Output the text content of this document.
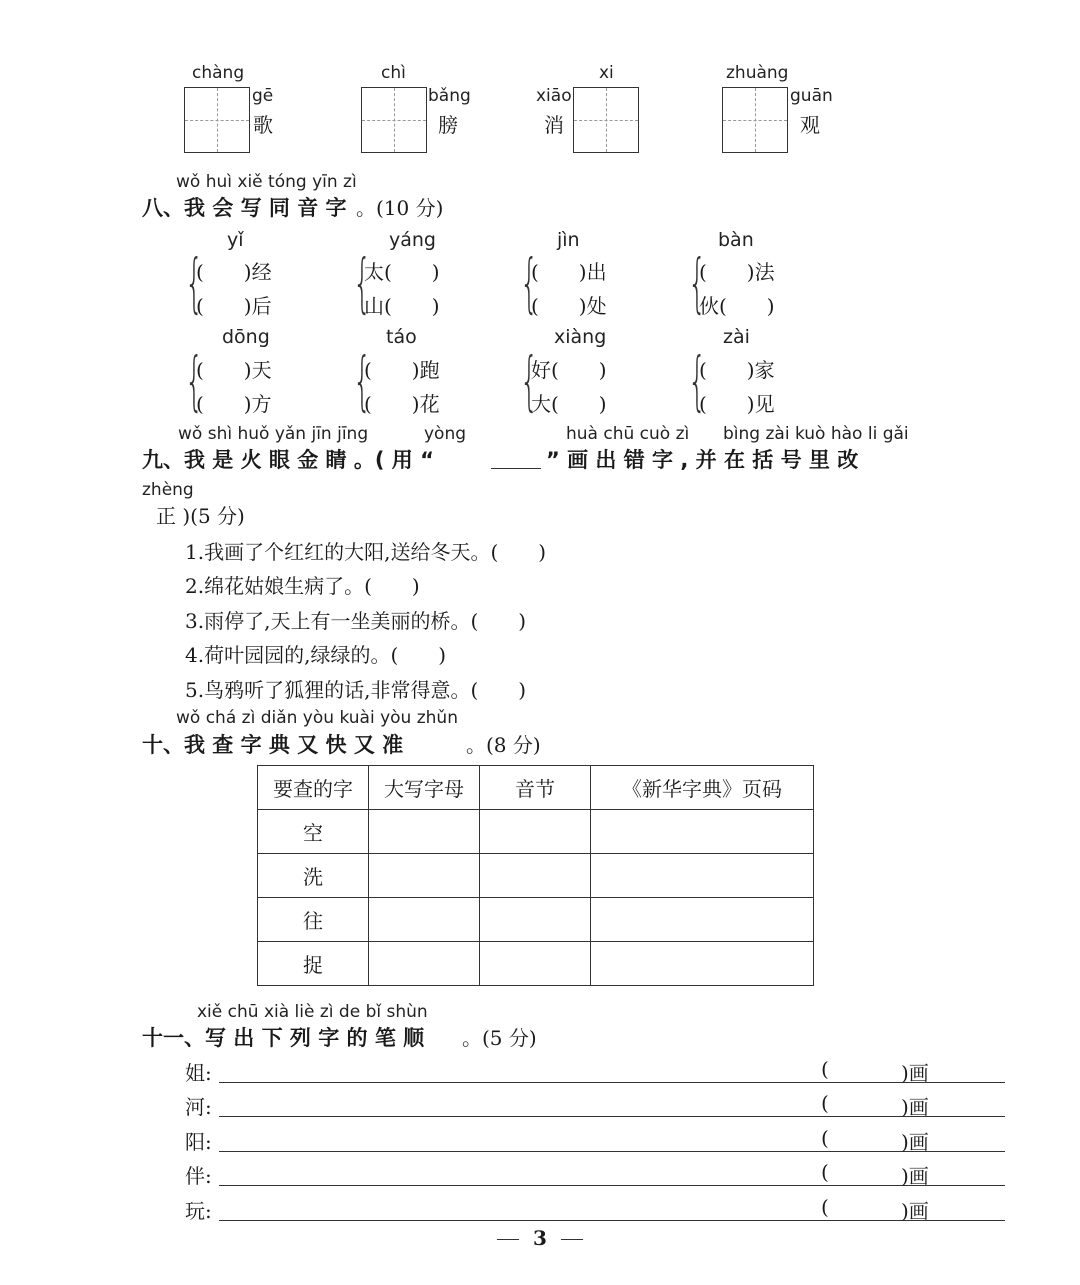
chàng
gē
歌
chì
bǎng
膀
xi
xiāo
消
zhuàng
guān
观
wǒ huì xiě tóng yīn zì
八、我 会 写 同 音 字 。(10 分)
yǐ
{
(　　)经
(　　)后
yáng
{
太(　　)
山(　　)
jìn
{
(　　)出
(　　)处
bàn
{
(　　)法
伙(　　)
dōng
{
(　　)天
(　　)方
táo
{
(　　)跑
(　　)花
xiàng
{
好(　　)
大(　　)
zài
{
(　　)家
(　　)见
wǒ shì huǒ yǎn jīn jīng	yòng	huà chū cuò zì bìng zài kuò hào li gǎi
九、我 是 火 眼 金 睛 。( 用 “	” 画 出 错 字 , 并 在 括 号 里 改
zhèng
正 )(5 分)
1.我画了个红红的大阳,送给冬天。(　　)
2.绵花姑娘生病了。(　　)
3.雨停了,天上有一坐美丽的桥。(　　)
4.荷叶园园的,绿绿的。(　　)
5.鸟鸦听了狐狸的话,非常得意。(　　)
wǒ chá zì diǎn yòu kuài yòu zhǔn
十、我 查 字 典 又 快 又 准	。(8 分)
要查的字	大写字母	音节	《新华字典》页码
空			
洗			
往			
捉			
xiě chū xià liè zì de bǐ shùn
十一、写 出 下 列 字 的 笔 顺 。(5 分)
姐:	(	)画
河:	(	)画
阳:	(	)画
伴:	(	)画
玩:	(	)画
3
